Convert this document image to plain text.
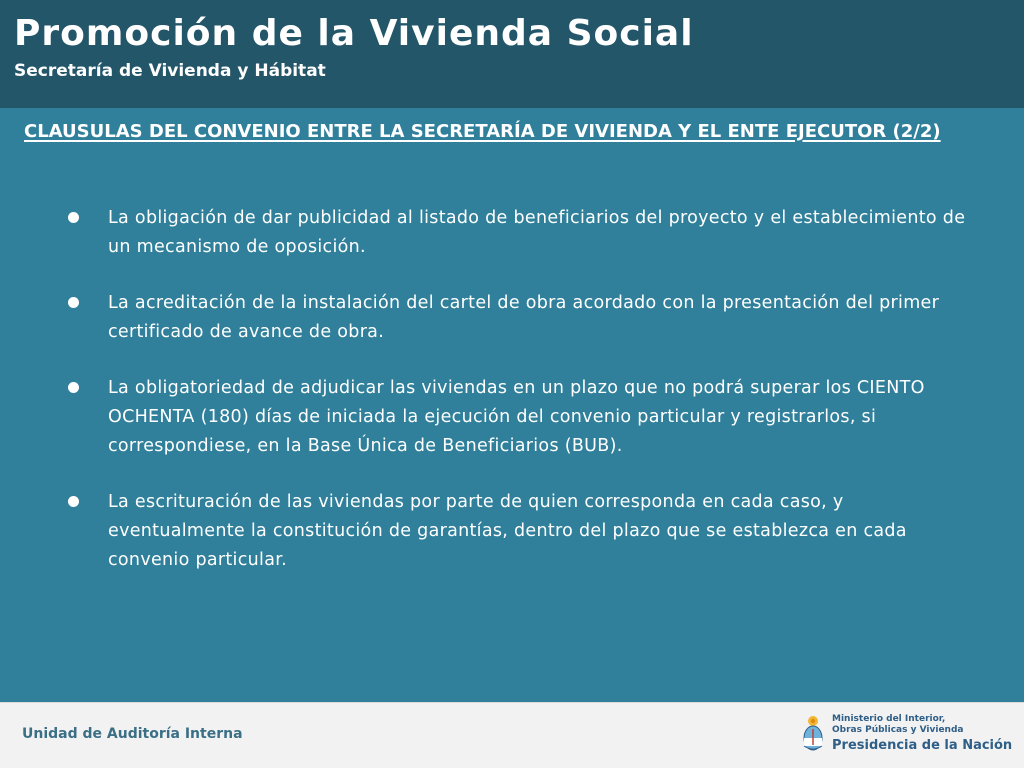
Promoción de la Vivienda Social
Secretaría de Vivienda y Hábitat
CLAUSULAS DEL CONVENIO ENTRE LA SECRETARÍA DE VIVIENDA Y EL ENTE EJECUTOR (2/2)
La obligación de dar publicidad al listado de beneficiarios del proyecto y el establecimiento de un mecanismo de oposición.
La acreditación de la instalación del cartel de obra acordado con la presentación del primer certificado de avance de obra.
La obligatoriedad de adjudicar las viviendas en un plazo que no podrá superar los CIENTO OCHENTA (180) días de iniciada la ejecución del convenio particular y registrarlos, si correspondiese, en la Base Única de Beneficiarios (BUB).
La escrituración de las viviendas por parte de quien corresponda en cada caso, y eventualmente la constitución de garantías, dentro del plazo que se establezca en cada convenio particular.
Unidad de Auditoría Interna
Ministerio del Interior,
Obras Públicas y Vivienda
Presidencia de la Nación
